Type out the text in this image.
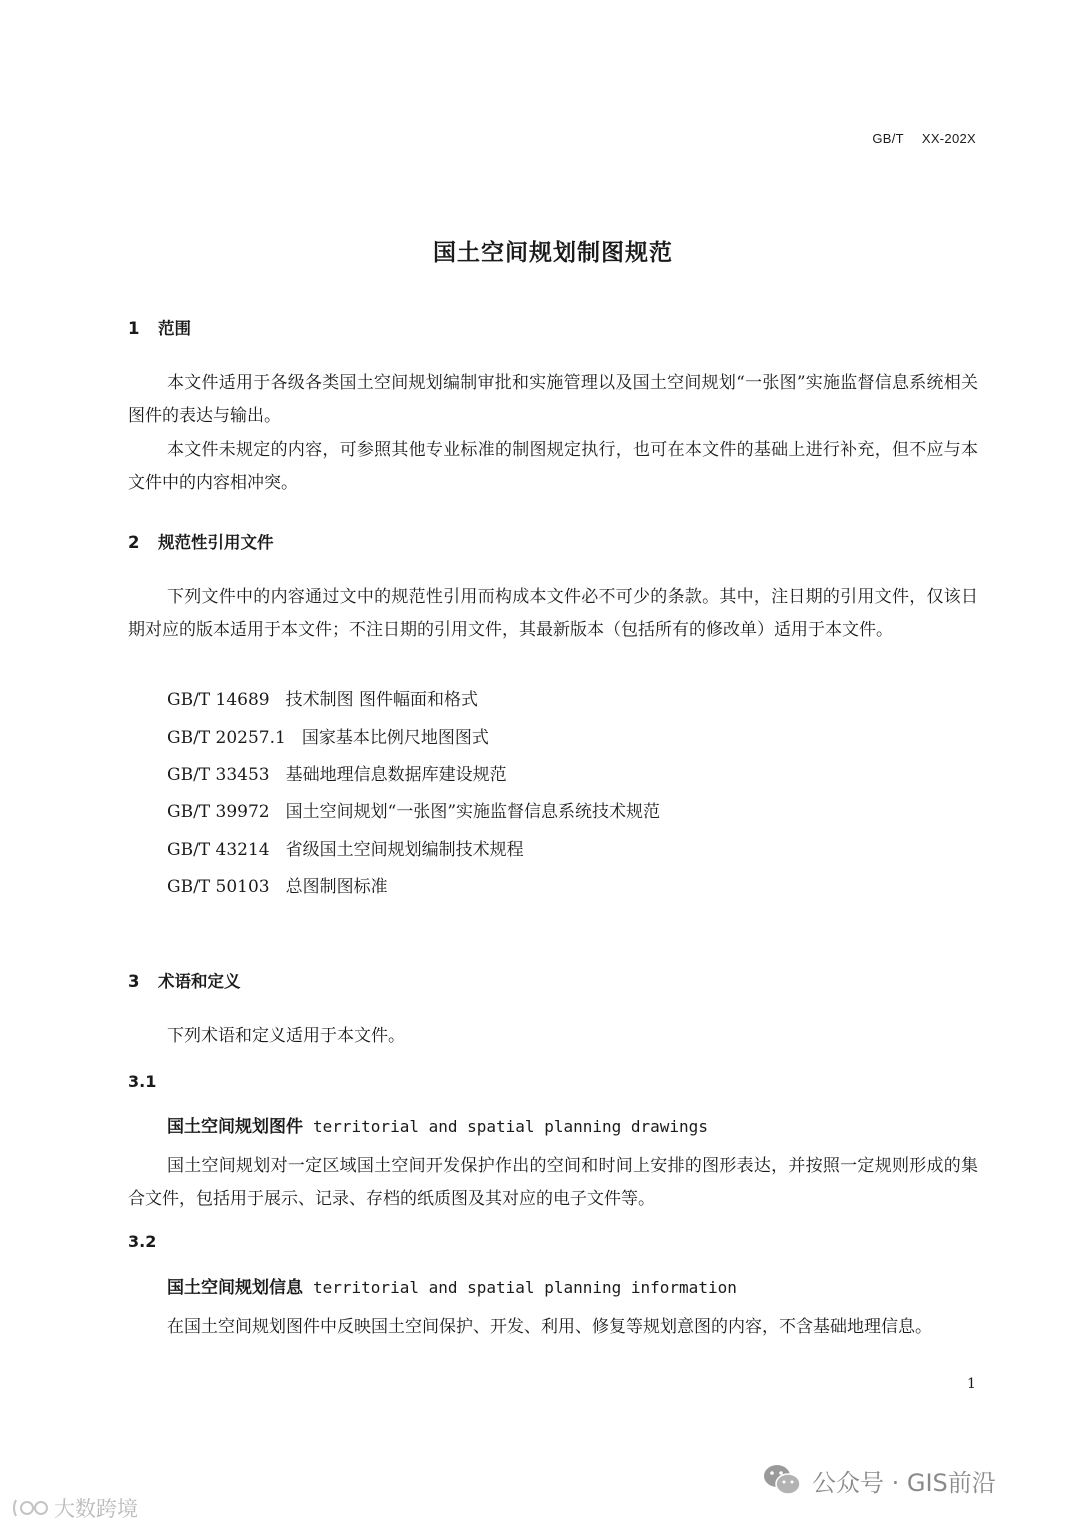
GB/T XX-202X
国土空间规划制图规范
1 范围
本文件适用于各级各类国土空间规划编制审批和实施管理以及国土空间规划“一张图”实施监督信息系统相关图件的表达与输出。
本文件未规定的内容，可参照其他专业标准的制图规定执行，也可在本文件的基础上进行补充，但不应与本文件中的内容相冲突。
2 规范性引用文件
下列文件中的内容通过文中的规范性引用而构成本文件必不可少的条款。其中，注日期的引用文件，仅该日期对应的版本适用于本文件；不注日期的引用文件，其最新版本（包括所有的修改单）适用于本文件。
GB/T 14689 技术制图 图件幅面和格式
GB/T 20257.1 国家基本比例尺地图图式
GB/T 33453 基础地理信息数据库建设规范
GB/T 39972 国土空间规划“一张图”实施监督信息系统技术规范
GB/T 43214 省级国土空间规划编制技术规程
GB/T 50103 总图制图标准
3 术语和定义
下列术语和定义适用于本文件。
3.1
国土空间规划图件 territorial and spatial planning drawings
国土空间规划对一定区域国土空间开发保护作出的空间和时间上安排的图形表达，并按照一定规则形成的集合文件，包括用于展示、记录、存档的纸质图及其对应的电子文件等。
3.2
国土空间规划信息 territorial and spatial planning information
在国土空间规划图件中反映国土空间保护、开发、利用、修复等规划意图的内容，不含基础地理信息。
1
大数跨境
公众号 · GIS前沿
